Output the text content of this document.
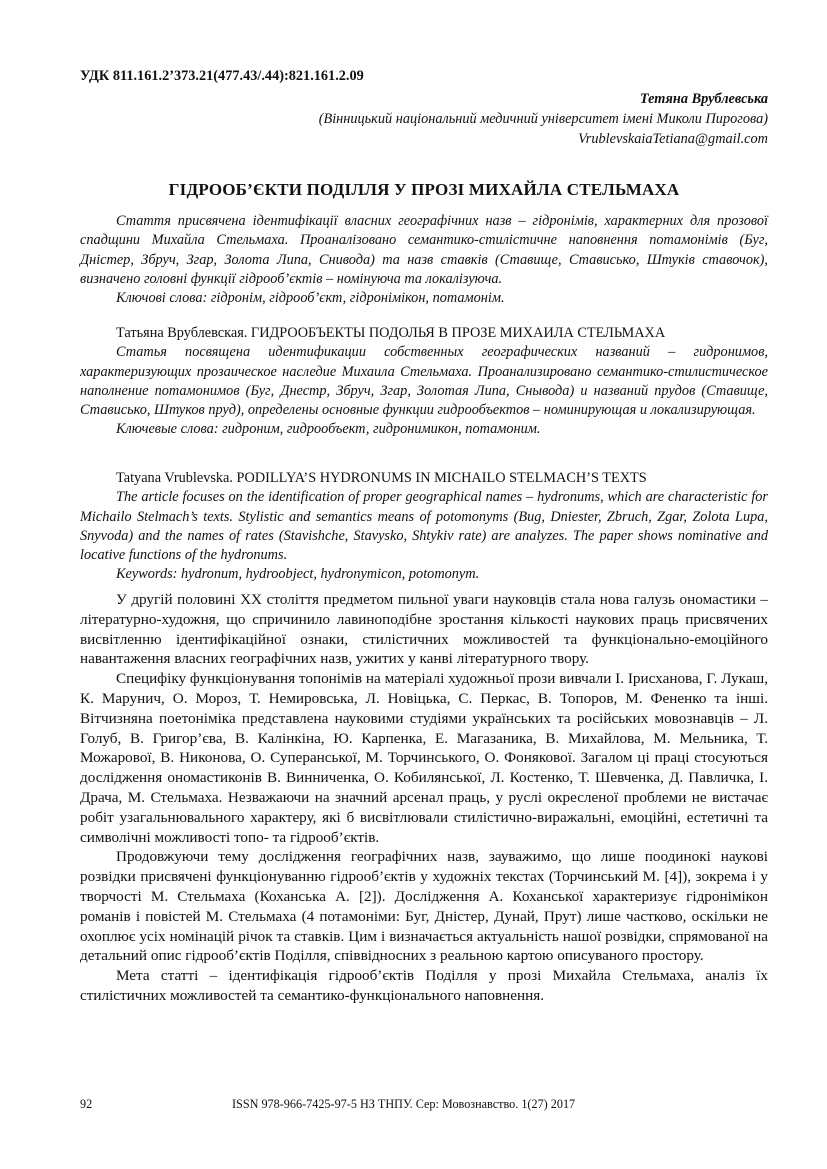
УДК 811.161.2’373.21(477.43/.44):821.161.2.09
Тетяна Врублевська
(Вінницький національний медичний університет імені Миколи Пирогова)
VrublevskaiaTetiana@gmail.com
ГІДРООБ’ЄКТИ ПОДІЛЛЯ У ПРОЗІ МИХАЙЛА СТЕЛЬМАХА

Стаття присвячена ідентифікації власних географічних назв – гідронімів, характерних для прозової спадщини Михайла Стельмаха. Проаналізовано семантико-стилістичне наповнення потамонімів (Буг, Дністер, Збруч, Згар, Золота Липа, Снивода) та назв ставків (Ставище, Стависько, Штуків ставочок), визначено головні функції гідрооб’єктів – номінуюча та локалізуюча.

Ключові слова: гідронім, гідрооб’єкт, гідронімікон, потамонім.

Татьяна Врублевская. ГИДРООБЪЕКТЫ ПОДОЛЬЯ В ПРОЗЕ МИХАИЛА СТЕЛЬМАХА

Статья посвящена идентификации собственных географических названий – гидронимов, характеризующих прозаическое наследие Михаила Стельмаха. Проанализировано семантико-стилистическое наполнение потамонимов (Буг, Днестр, Збруч, Згар, Золотая Липа, Снывода) и названий прудов (Ставище, Стависько, Штуков пруд), определены основные функции гидрообъектов – номинирующая и локализирующая.

Ключевые слова: гидроним, гидрообъект, гидронимикон, потамоним.

Tatyana Vrublevska. PODILLYA’S HYDRONUMS IN MICHAILO STELMACH’S TEXTS

The article focuses on the identification of proper geographical names – hydronums, which are characteristic for Michailo Stelmach’s texts. Stylistic and semantics means of potomonyms (Bug, Dniester, Zbruch, Zgar, Zolota Lupa, Snyvoda) and the names of rates (Stavishche, Stavysko, Shtykiv rate) are analyzes. The paper shows nominative and locative functions of the hydronums.

Keywords: hydronum, hydroobject, hydronymicon, potomonym.

У другій половині ХХ століття предметом пильної уваги науковців стала нова галузь ономастики – літературно-художня, що спричинило лавиноподібне зростання кількості наукових праць присвячених висвітленню ідентифікаційної ознаки, стилістичних можливостей та функціонально-емоційного навантаження власних географічних назв, ужитих у канві літературного твору.

Специфіку функціонування топонімів на матеріалі художньої прози вивчали І. Ірисханова, Г. Лукаш, К. Марунич, О. Мороз, Т. Немировська, Л. Новіцька, С. Перкас, В. Топоров, М. Фененко та інші. Вітчизняна поетоніміка представлена науковими студіями українських та російських мовознавців – Л. Голуб, В. Григор’єва, В. Калінкіна, Ю. Карпенка, Е. Магазаника, В. Михайлова, М. Мельника, Т. Можарової, В. Никонова, О. Суперанської, М. Торчинського, О. Фонякової. Загалом ці праці стосуються дослідження ономастиконів В. Винниченка, О. Кобилянської, Л. Костенко, Т. Шевченка, Д. Павличка, І. Драча, М. Стельмаха. Незважаючи на значний арсенал праць, у руслі окресленої проблеми не вистачає робіт узагальнювального характеру, які б висвітлювали стилістично-виражальні, емоційні, естетичні та символічні можливості топо- та гідрооб’єктів.

Продовжуючи тему дослідження географічних назв, зауважимо, що лише поодинокі наукові розвідки присвячені функціонуванню гідрооб’єктів у художніх текстах (Торчинський М. [4]), зокрема і у творчості М. Стельмаха (Коханська А. [2]). Дослідження А. Коханської характеризує гідронімікон романів і повістей М. Стельмаха (4 потамоніми: Буг, Дністер, Дунай, Прут) лише частково, оскільки не охоплює усіх номінацій річок та ставків. Цим і визначається актуальність нашої розвідки, спрямованої на детальний опис гідрооб’єктів Поділля, співвідносних з реальною картою описуваного простору.

Мета статті – ідентифікація гідрооб’єктів Поділля у прозі Михайла Стельмаха, аналіз їх стилістичних можливостей та семантико-функціонального наповнення.

92	ISSN 978-966-7425-97-5 НЗ ТНПУ. Сер: Мовознавство. 1(27) 2017
